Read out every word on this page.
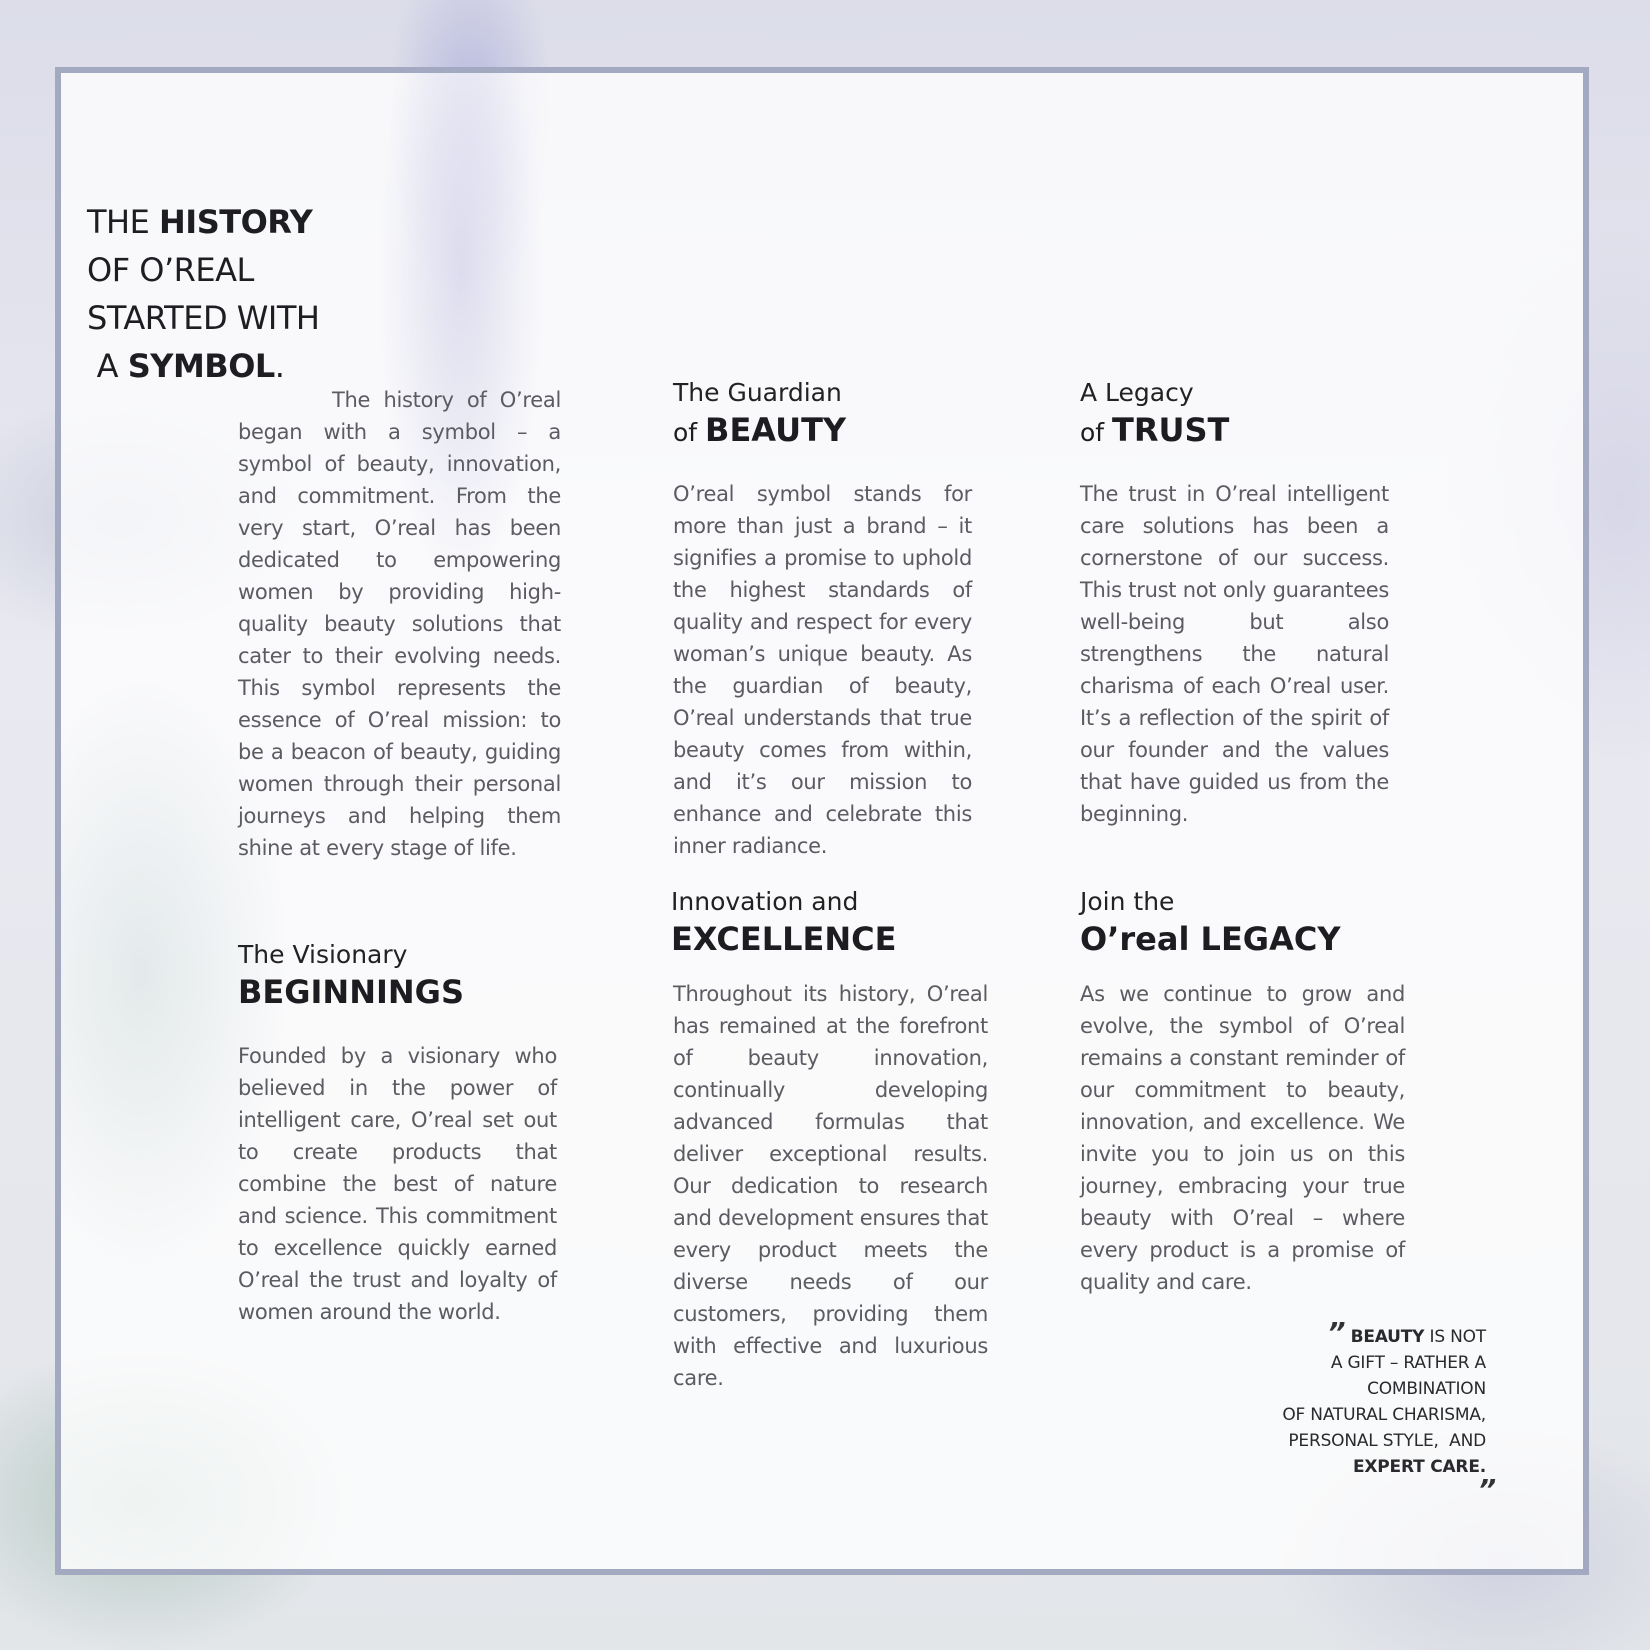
THE HISTORY
OF O’REAL
STARTED WITH
A SYMBOL.

The history of O’real began with a symbol – a symbol of beauty, innovation, and commitment. From the very start, O’real has been dedicated to empowering women by providing high-quality beauty solutions that cater to their evolving needs. This symbol represents the essence of O’real mission: to be a beacon of beauty, guiding women through their personal journeys and helping them shine at every stage of life.

The Visionary
BEGINNINGS

Founded by a visionary who believed in the power of intelligent care, O’real set out to create products that combine the best of nature and science. This commitment to excellence quickly earned O’real the trust and loyalty of women around the world.

The Guardian
of BEAUTY

O’real symbol stands for more than just a brand – it signifies a promise to uphold the highest standards of quality and respect for every woman’s unique beauty. As the guardian of beauty, O’real understands that true beauty comes from within, and it’s our mission to enhance and celebrate this inner radiance.

Innovation and
EXCELLENCE

Throughout its history, O’real has remained at the forefront of beauty innovation, continually developing advanced formulas that deliver exceptional results. Our dedication to research and development ensures that every product meets the diverse needs of our customers, providing them with effective and luxurious care.

A Legacy
of TRUST

The trust in O’real intelligent care solutions has been a cornerstone of our success. This trust not only guarantees well-being but also strengthens the natural charisma of each O’real user. It’s a reflection of the spirit of our founder and the values that have guided us from the beginning.

Join the
O’real LEGACY

As we continue to grow and evolve, the symbol of O’real remains a constant reminder of our commitment to beauty, innovation, and excellence. We invite you to join us on this journey, embracing your true beauty with O’real – where every product is a promise of quality and care.

” BEAUTY IS NOT
A GIFT – RATHER A
COMBINATION
OF NATURAL CHARISMA,
PERSONAL STYLE,  AND
EXPERT CARE.
”
